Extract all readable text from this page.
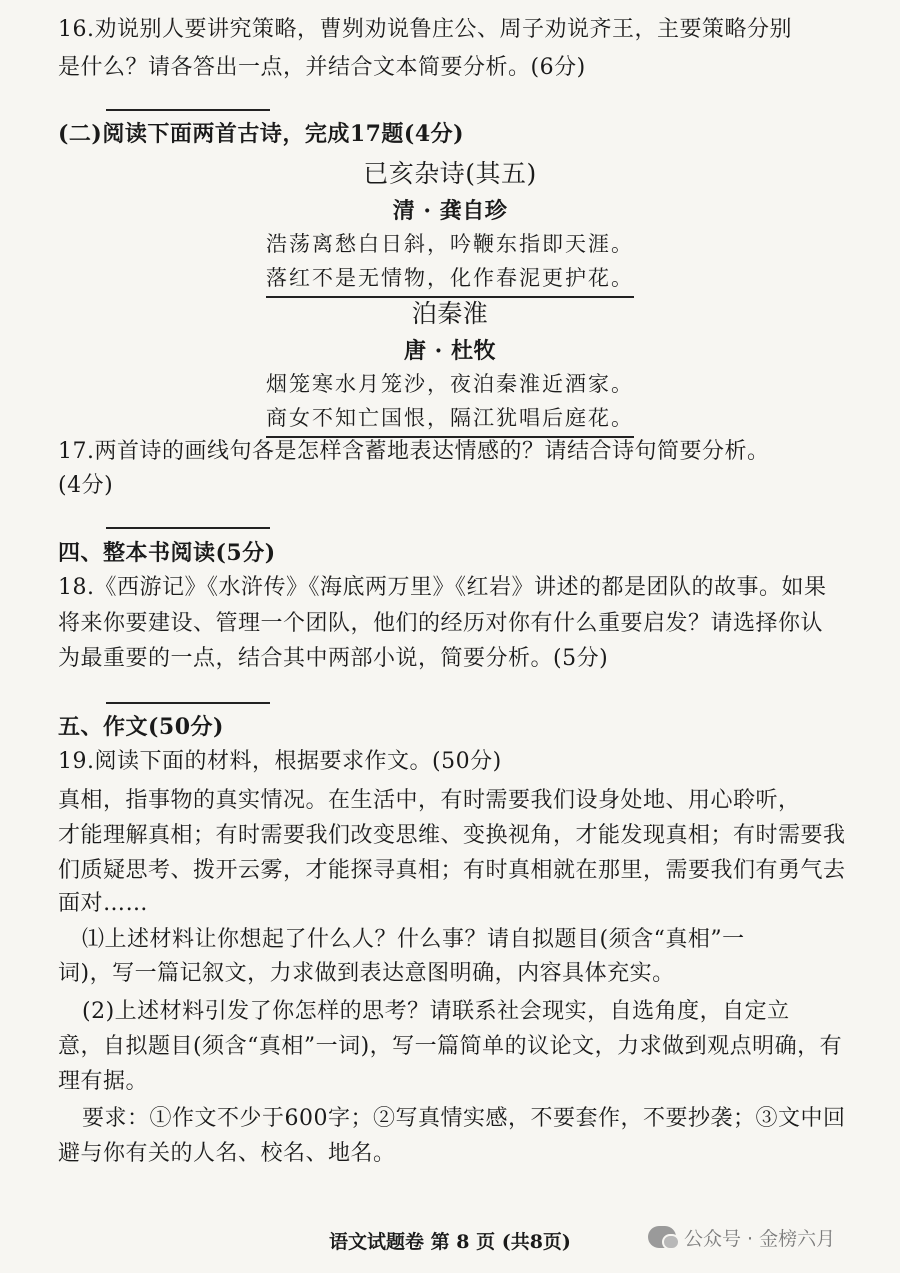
16.劝说别人要讲究策略，曹刿劝说鲁庄公、周子劝说齐王，主要策略分别
是什么？请各答出一点，并结合文本简要分析。(6分)
(二)阅读下面两首古诗，完成17题(4分)
已亥杂诗(其五)
清 · 龚自珍
浩荡离愁白日斜，吟鞭东指即天涯。
落红不是无情物，化作春泥更护花。
泊秦淮
唐 · 杜牧
烟笼寒水月笼沙，夜泊秦淮近酒家。
商女不知亡国恨，隔江犹唱后庭花。
17.两首诗的画线句各是怎样含蓄地表达情感的？请结合诗句简要分析。
(4分)
四、整本书阅读(5分)
18.《西游记》《水浒传》《海底两万里》《红岩》讲述的都是团队的故事。如果
将来你要建设、管理一个团队，他们的经历对你有什么重要启发？请选择你认
为最重要的一点，结合其中两部小说，简要分析。(5分)
五、作文(50分)
19.阅读下面的材料，根据要求作文。(50分)
真相，指事物的真实情况。在生活中，有时需要我们设身处地、用心聆听，
才能理解真相；有时需要我们改变思维、变换视角，才能发现真相；有时需要我
们质疑思考、拨开云雾，才能探寻真相；有时真相就在那里，需要我们有勇气去
面对……
⑴上述材料让你想起了什么人？什么事？请自拟题目(须含“真相”一
词)，写一篇记叙文，力求做到表达意图明确，内容具体充实。
(2)上述材料引发了你怎样的思考？请联系社会现实，自选角度，自定立
意，自拟题目(须含“真相”一词)，写一篇简单的议论文，力求做到观点明确，有
理有据。
要求：①作文不少于600字；②写真情实感，不要套作，不要抄袭；③文中回
避与你有关的人名、校名、地名。
语文试题卷 第 8 页 (共8页)	公众号 · 金榜六月
